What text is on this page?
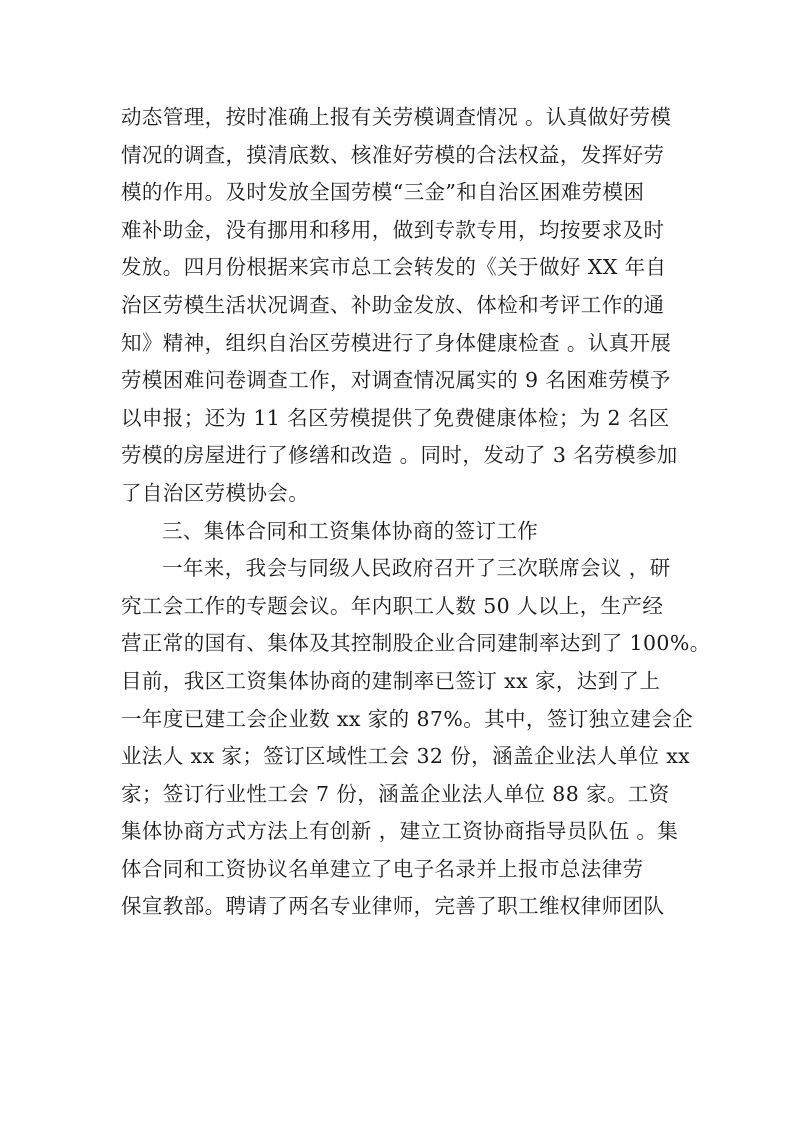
动态管理，按时准确上报有关劳模调查情况 。认真做好劳模
情况的调查，摸清底数、核准好劳模的合法权益，发挥好劳
模的作用。及时发放全国劳模“三金”和自治区困难劳模困
难补助金，没有挪用和移用，做到专款专用，均按要求及时
发放。四月份根据来宾市总工会转发的《关于做好 XX 年自
治区劳模生活状况调查、补助金发放、体检和考评工作的通
知》精神，组织自治区劳模进行了身体健康检查 。认真开展
劳模困难问卷调查工作，对调查情况属实的 9 名困难劳模予
以申报；还为 11 名区劳模提供了免费健康体检；为 2 名区
劳模的房屋进行了修缮和改造 。同时，发动了 3 名劳模参加
了自治区劳模协会。
三、集体合同和工资集体协商的签订工作
一年来，我会与同级人民政府召开了三次联席会议 ，研
究工会工作的专题会议。年内职工人数 50 人以上，生产经
营正常的国有、集体及其控制股企业合同建制率达到了 100%。
目前，我区工资集体协商的建制率已签订 xx 家，达到了上
一年度已建工会企业数 xx 家的 87%。其中，签订独立建会企
业法人 xx 家；签订区域性工会 32 份，涵盖企业法人单位 xx
家；签订行业性工会 7 份，涵盖企业法人单位 88 家。工资
集体协商方式方法上有创新 ，建立工资协商指导员队伍 。集
体合同和工资协议名单建立了电子名录并上报市总法律劳
保宣教部。聘请了两名专业律师，完善了职工维权律师团队
